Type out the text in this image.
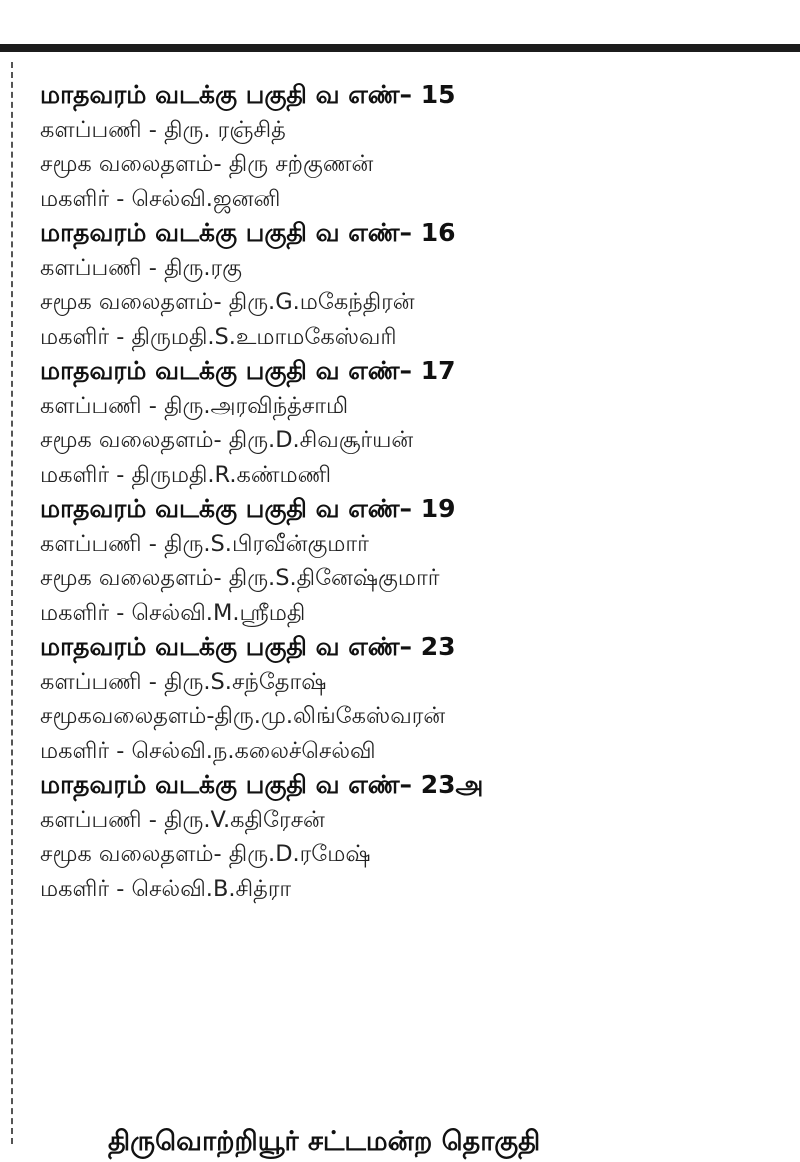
மாதவரம் வடக்கு பகுதி வ எண்– 15
களப்பணி - திரு. ரஞ்சித்
சமூக வலைதளம்- திரு சற்குணன்
மகளிர் - செல்வி.ஜனனி
மாதவரம் வடக்கு பகுதி வ எண்– 16
களப்பணி - திரு.ரகு
சமூக வலைதளம்- திரு.G.மகேந்திரன்
மகளிர் - திருமதி.S.உமாமகேஸ்வரி
மாதவரம் வடக்கு பகுதி வ எண்– 17
களப்பணி - திரு.அரவிந்த்சாமி
சமூக வலைதளம்- திரு.D.சிவசூர்யன்
மகளிர் - திருமதி.R.கண்மணி
மாதவரம் வடக்கு பகுதி வ எண்– 19
களப்பணி - திரு.S.பிரவீன்குமார்
சமூக வலைதளம்- திரு.S.தினேஷ்குமார்
மகளிர் - செல்வி.M.ஸ்ரீமதி
மாதவரம் வடக்கு பகுதி வ எண்– 23
களப்பணி - திரு.S.சந்தோஷ்
சமூகவலைதளம்-திரு.மு.லிங்கேஸ்வரன்
மகளிர் - செல்வி.ந.கலைச்செல்வி
மாதவரம் வடக்கு பகுதி வ எண்– 23அ
களப்பணி - திரு.V.கதிரேசன்
சமூக வலைதளம்- திரு.D.ரமேஷ்
மகளிர் - செல்வி.B.சித்ரா
திருவொற்றியூர் சட்டமன்ற தொகுதி
